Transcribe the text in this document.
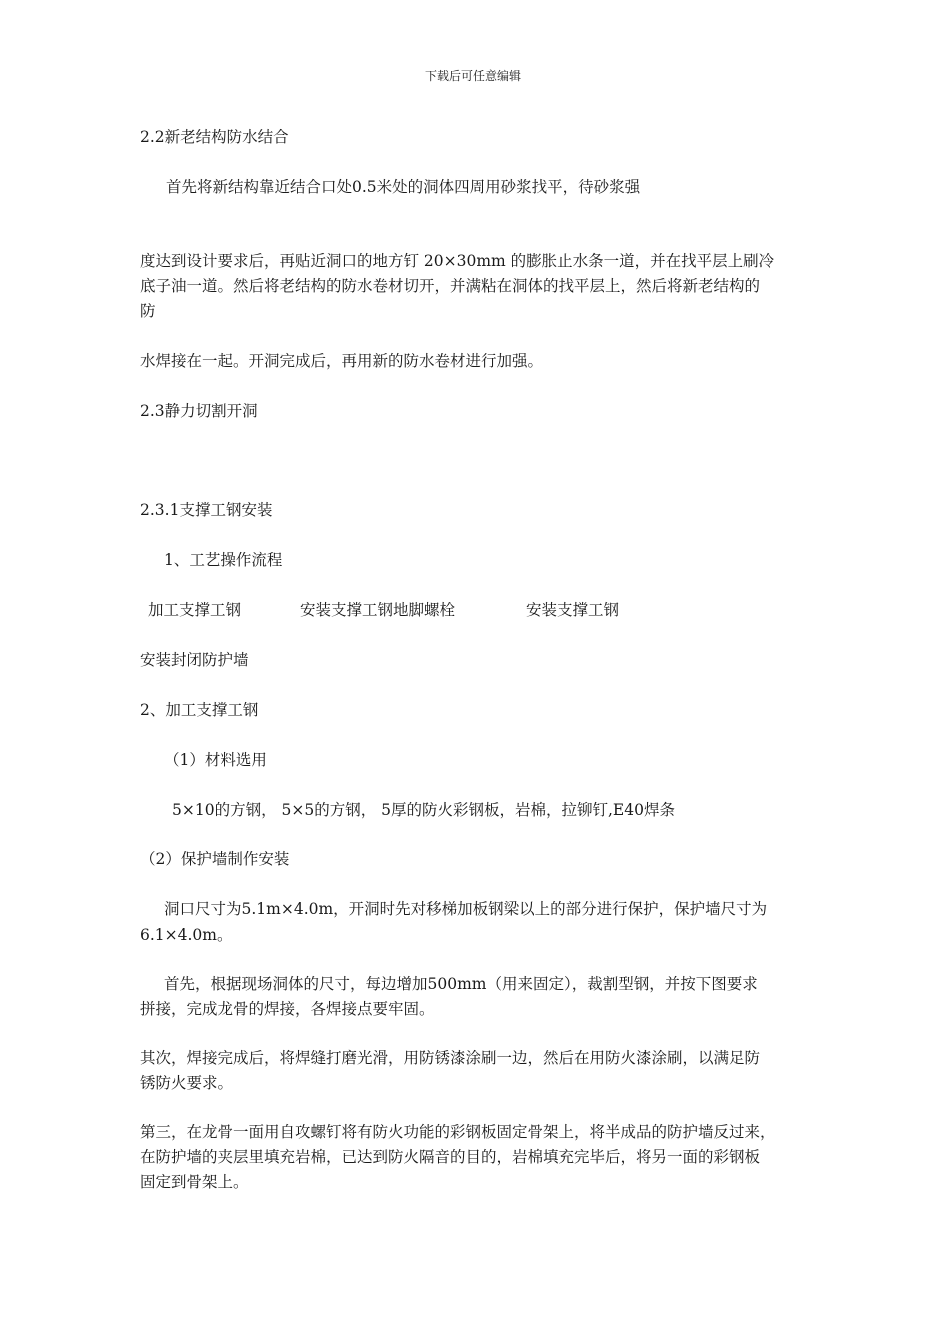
下载后可任意编辑
2.2新老结构防水结合
首先将新结构靠近结合口处0.5米处的洞体四周用砂浆找平，待砂浆强
度达到设计要求后，再贴近洞口的地方钉 20×30mm 的膨胀止水条一道，并在找平层上刷冷
底子油一道。然后将老结构的防水卷材切开，并满粘在洞体的找平层上，然后将新老结构的
防
水焊接在一起。开洞完成后，再用新的防水卷材进行加强。
2.3静力切割开洞
2.3.1支撑工钢安装
1、工艺操作流程
加工支撑工钢	安装支撑工钢地脚螺栓	安装支撑工钢
安装封闭防护墙
2、加工支撑工钢
（1）材料选用
5×10的方钢， 5×5的方钢， 5厚的防火彩钢板，岩棉，拉铆钉,E40焊条
（2）保护墙制作安装
洞口尺寸为5.1m×4.0m，开洞时先对移梯加板钢梁以上的部分进行保护，保护墙尺寸为
6.1×4.0m。
首先，根据现场洞体的尺寸，每边增加500mm（用来固定），裁割型钢，并按下图要求
拼接，完成龙骨的焊接，各焊接点要牢固。
其次，焊接完成后，将焊缝打磨光滑，用防锈漆涂刷一边，然后在用防火漆涂刷，以满足防
锈防火要求。
第三，在龙骨一面用自攻螺钉将有防火功能的彩钢板固定骨架上，将半成品的防护墙反过来，
在防护墙的夹层里填充岩棉，已达到防火隔音的目的，岩棉填充完毕后，将另一面的彩钢板
固定到骨架上。
